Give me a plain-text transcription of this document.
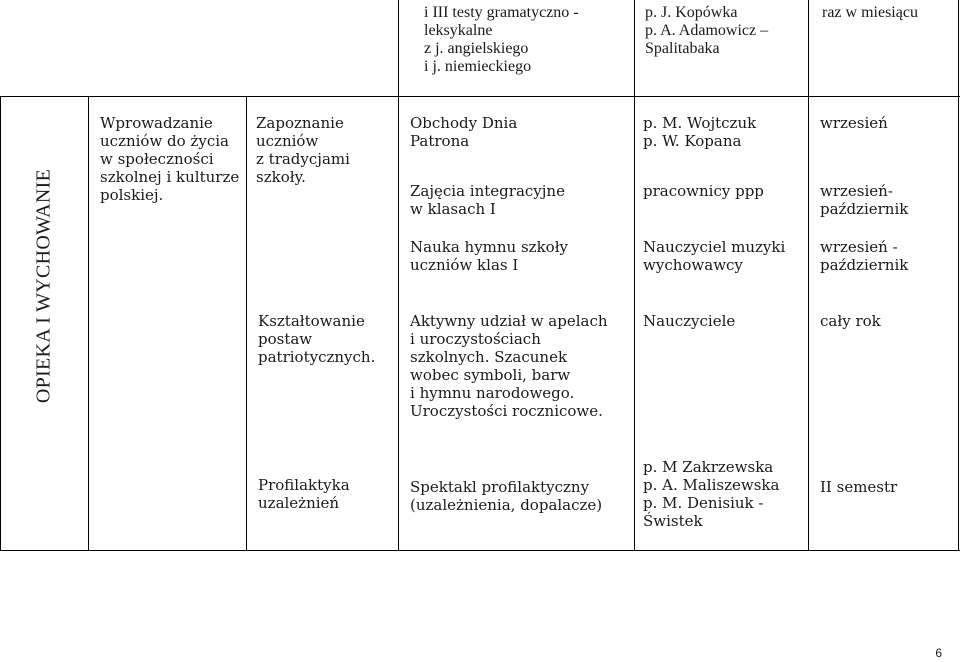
i III testy gramatyczno -
leksykalne
z j. angielskiego
i j. niemieckiego
p. J. Kopówka
p. A. Adamowicz –
Spalitabaka
raz w miesiącu
OPIEKA I WYCHOWANIE
Wprowadzanie
uczniów do życia
w społeczności
szkolnej i kulturze
polskiej.
Zapoznanie
uczniów
z tradycjami
szkoły.
Kształtowanie
postaw
patriotycznych.
Profilaktyka
uzależnień
Obchody Dnia
Patrona
Zajęcia integracyjne
w klasach I
Nauka hymnu szkoły
uczniów klas I
Aktywny udział w apelach
i uroczystościach
szkolnych. Szacunek
wobec symboli, barw
i hymnu narodowego.
Uroczystości rocznicowe.
Spektakl profilaktyczny
(uzależnienia, dopalacze)
p. M. Wojtczuk
p. W. Kopana
pracownicy ppp
Nauczyciel muzyki
wychowawcy
Nauczyciele
p. M Zakrzewska
p. A. Maliszewska
p. M. Denisiuk -
Świstek
wrzesień
wrzesień-
październik
wrzesień -
październik
cały rok
II semestr
6
